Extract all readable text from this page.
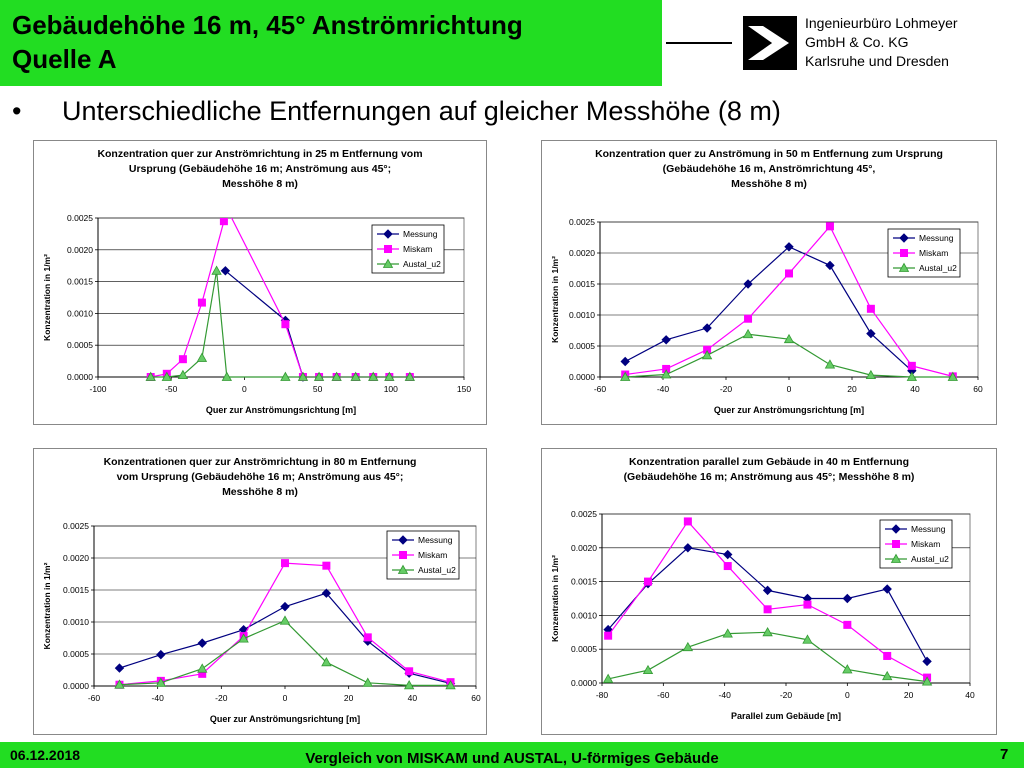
Gebäudehöhe 16 m, 45° Anströmrichtung
Quelle A
Ingenieurbüro Lohmeyer
GmbH & Co. KG
Karlsruhe und Dresden
• Unterschiedliche Entfernungen auf gleicher Messhöhe (8 m)
Konzentration quer zur Anströmrichtung in 25 m Entfernung vom
Ursprung (Gebäudehöhe 16 m; Anströmung aus 45°;
Messhöhe 8 m)
0.0000
0.0005
0.0010
0.0015
0.0020
0.0025
-100	-50	0	50	100	150
Quer zur Anströmungsrichtung [m]
Konzentration in 1/m²
Messung
Miskam
Austal_u2
Konzentration quer zu Anströmung in 50 m Entfernung zum Ursprung
(Gebäudehöhe 16 m, Anströmrichtung 45°,
Messhöhe 8 m)
0.0000
0.0005
0.0010
0.0015
0.0020
0.0025
-60	-40	-20	0	20	40	60
Quer zur Anströmungsrichtung [m]
Konzentration in 1/m²
Messung
Miskam
Austal_u2
Konzentrationen quer zur Anströmrichtung in 80 m Entfernung
vom Ursprung (Gebäudehöhe 16 m; Anströmung aus 45°;
Messhöhe 8 m)
0.0000
0.0005
0.0010
0.0015
0.0020
0.0025
-60	-40	-20	0	20	40	60
Quer zur Anströmungsrichtung [m]
Konzentration in 1/m²
Messung
Miskam
Austal_u2
Konzentration parallel zum Gebäude in 40 m Entfernung
(Gebäudehöhe 16 m; Anströmung aus 45°; Messhöhe 8 m)
0.0000
0.0005
0.0010
0.0015
0.0020
0.0025
-80	-60	-40	-20	0	20	40
Parallel zum Gebäude [m]
Konzentration in 1/m²
Messung
Miskam
Austal_u2
06.12.2018	Vergleich von MISKAM und AUSTAL, U-förmiges Gebäude	7
